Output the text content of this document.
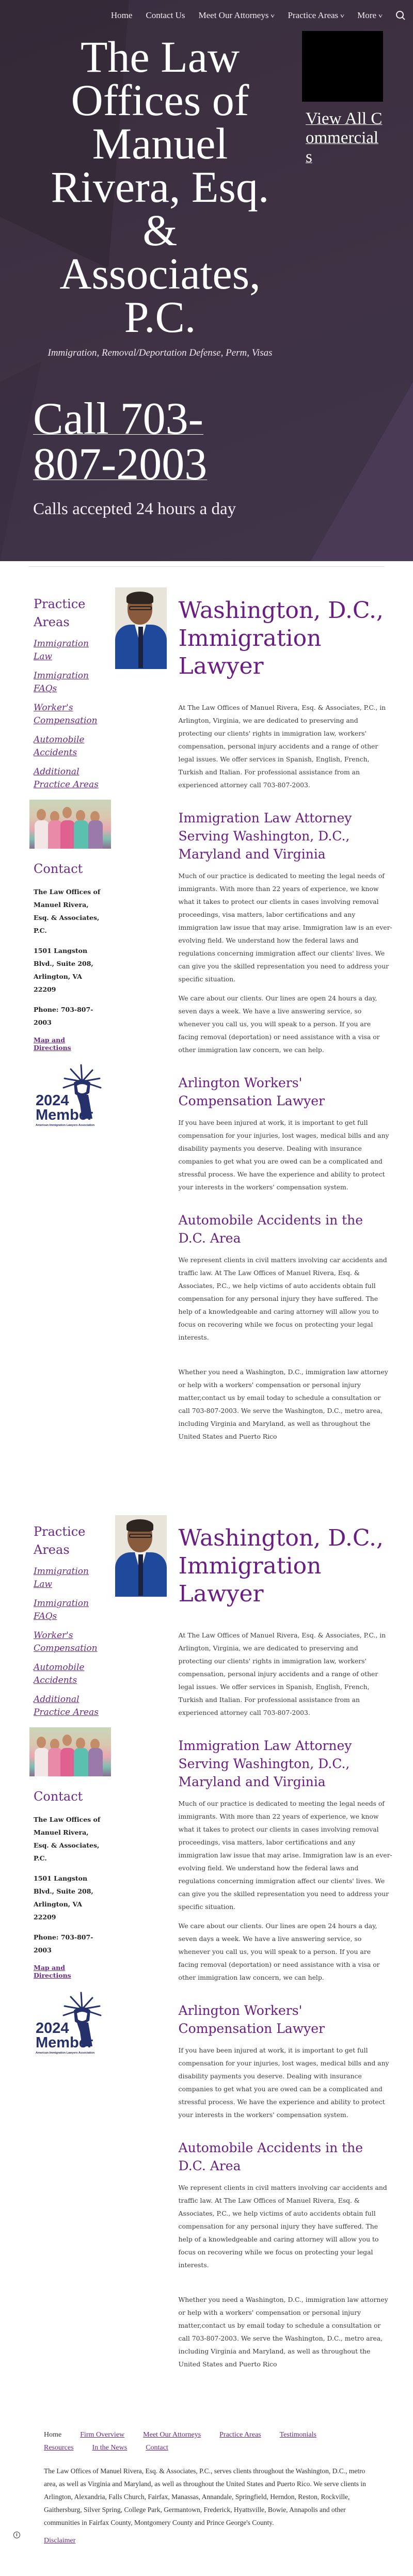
Home Contact Us Meet Our Attorneys v Practice Areas v More v
The Law
Offices of
Manuel
Rivera, Esq.
&
Associates,
P.C.
Immigration, Removal/Deportation Defense, Perm, Visas
View All Commercials
Call 703-807-2003
Calls accepted 24 hours a day
Practice Areas
Immigration Law
Immigration FAQs
Worker's Compensation
Automobile Accidents
Additional Practice Areas
Contact

The Law Offices of Manuel Rivera, Esq. & Associates, P.C.

1501 Langston Blvd., Suite 208, Arlington, VA 22209

Phone: 703-807-2003

Map and Directions
2024
Member
American Immigration Lawyers Association
Washington, D.C., Immigration Lawyer

At The Law Offices of Manuel Rivera, Esq. & Associates, P.C., in Arlington, Virginia, we are dedicated to preserving and protecting our clients' rights in immigration law, workers' compensation, personal injury accidents and a range of other legal issues. We offer services in Spanish, English, French, Turkish and Italian. For professional assistance from an experienced attorney call 703-807-2003.

Immigration Law Attorney Serving Washington, D.C., Maryland and Virginia

Much of our practice is dedicated to meeting the legal needs of immigrants. With more than 22 years of experience, we know what it takes to protect our clients in cases involving removal proceedings, visa matters, labor certifications and any immigration law issue that may arise. Immigration law is an ever-evolving field. We understand how the federal laws and regulations concerning immigration affect our clients' lives. We can give you the skilled representation you need to address your specific situation.

We care about our clients. Our lines are open 24 hours a day, seven days a week. We have a live answering service, so whenever you call us, you will speak to a person. If you are facing removal (deportation) or need assistance with a visa or other immigration law concern, we can help.

Arlington Workers' Compensation Lawyer

If you have been injured at work, it is important to get full compensation for your injuries, lost wages, medical bills and any disability payments you deserve. Dealing with insurance companies to get what you are owed can be a complicated and stressful process. We have the experience and ability to protect your interests in the workers' compensation system.

Automobile Accidents in the D.C. Area

We represent clients in civil matters involving car accidents and traffic law. At The Law Offices of Manuel Rivera, Esq. & Associates, P.C., we help victims of auto accidents obtain full compensation for any personal injury they have suffered. The help of a knowledgeable and caring attorney will allow you to focus on recovering while we focus on protecting your legal interests.

Whether you need a Washington, D.C., immigration law attorney or help with a workers' compensation or personal injury matter,contact us by email today to schedule a consultation or call 703-807-2003. We serve the Washington, D.C., metro area, including Virginia and Maryland, as well as throughout the United States and Puerto Rico

Practice Areas
Immigration Law
Immigration FAQs
Worker's Compensation
Automobile Accidents
Additional Practice Areas
Contact

The Law Offices of Manuel Rivera, Esq. & Associates, P.C.

1501 Langston Blvd., Suite 208, Arlington, VA 22209

Phone: 703-807-2003

Map and Directions
2024
Member
American Immigration Lawyers Association
Washington, D.C., Immigration Lawyer

At The Law Offices of Manuel Rivera, Esq. & Associates, P.C., in Arlington, Virginia, we are dedicated to preserving and protecting our clients' rights in immigration law, workers' compensation, personal injury accidents and a range of other legal issues. We offer services in Spanish, English, French, Turkish and Italian. For professional assistance from an experienced attorney call 703-807-2003.

Immigration Law Attorney Serving Washington, D.C., Maryland and Virginia

Much of our practice is dedicated to meeting the legal needs of immigrants. With more than 22 years of experience, we know what it takes to protect our clients in cases involving removal proceedings, visa matters, labor certifications and any immigration law issue that may arise. Immigration law is an ever-evolving field. We understand how the federal laws and regulations concerning immigration affect our clients' lives. We can give you the skilled representation you need to address your specific situation.

We care about our clients. Our lines are open 24 hours a day, seven days a week. We have a live answering service, so whenever you call us, you will speak to a person. If you are facing removal (deportation) or need assistance with a visa or other immigration law concern, we can help.

Arlington Workers' Compensation Lawyer

If you have been injured at work, it is important to get full compensation for your injuries, lost wages, medical bills and any disability payments you deserve. Dealing with insurance companies to get what you are owed can be a complicated and stressful process. We have the experience and ability to protect your interests in the workers' compensation system.

Automobile Accidents in the D.C. Area

We represent clients in civil matters involving car accidents and traffic law. At The Law Offices of Manuel Rivera, Esq. & Associates, P.C., we help victims of auto accidents obtain full compensation for any personal injury they have suffered. The help of a knowledgeable and caring attorney will allow you to focus on recovering while we focus on protecting your legal interests.

Whether you need a Washington, D.C., immigration law attorney or help with a workers' compensation or personal injury matter,contact us by email today to schedule a consultation or call 703-807-2003. We serve the Washington, D.C., metro area, including Virginia and Maryland, as well as throughout the United States and Puerto Rico

Home	Firm Overview	Meet Our Attorneys	Practice Areas	Testimonials
Resources	In the News	Contact

The Law Offices of Manuel Rivera, Esq. & Associates, P.C., serves clients throughout the Washington, D.C., metro area, as well as Virginia and Maryland, as well as throughout the United States and Puerto Rico. We serve clients in Arlington, Alexandria, Falls Church, Fairfax, Manassas, Annandale, Springfield, Herndon, Reston, Rockville, Gaithersburg, Silver Spring, College Park, Germantown, Frederick, Hyattsville, Bowie, Annapolis and other communities in Fairfax County, Montgomery County and Prince George's County.

Disclaimer
i
